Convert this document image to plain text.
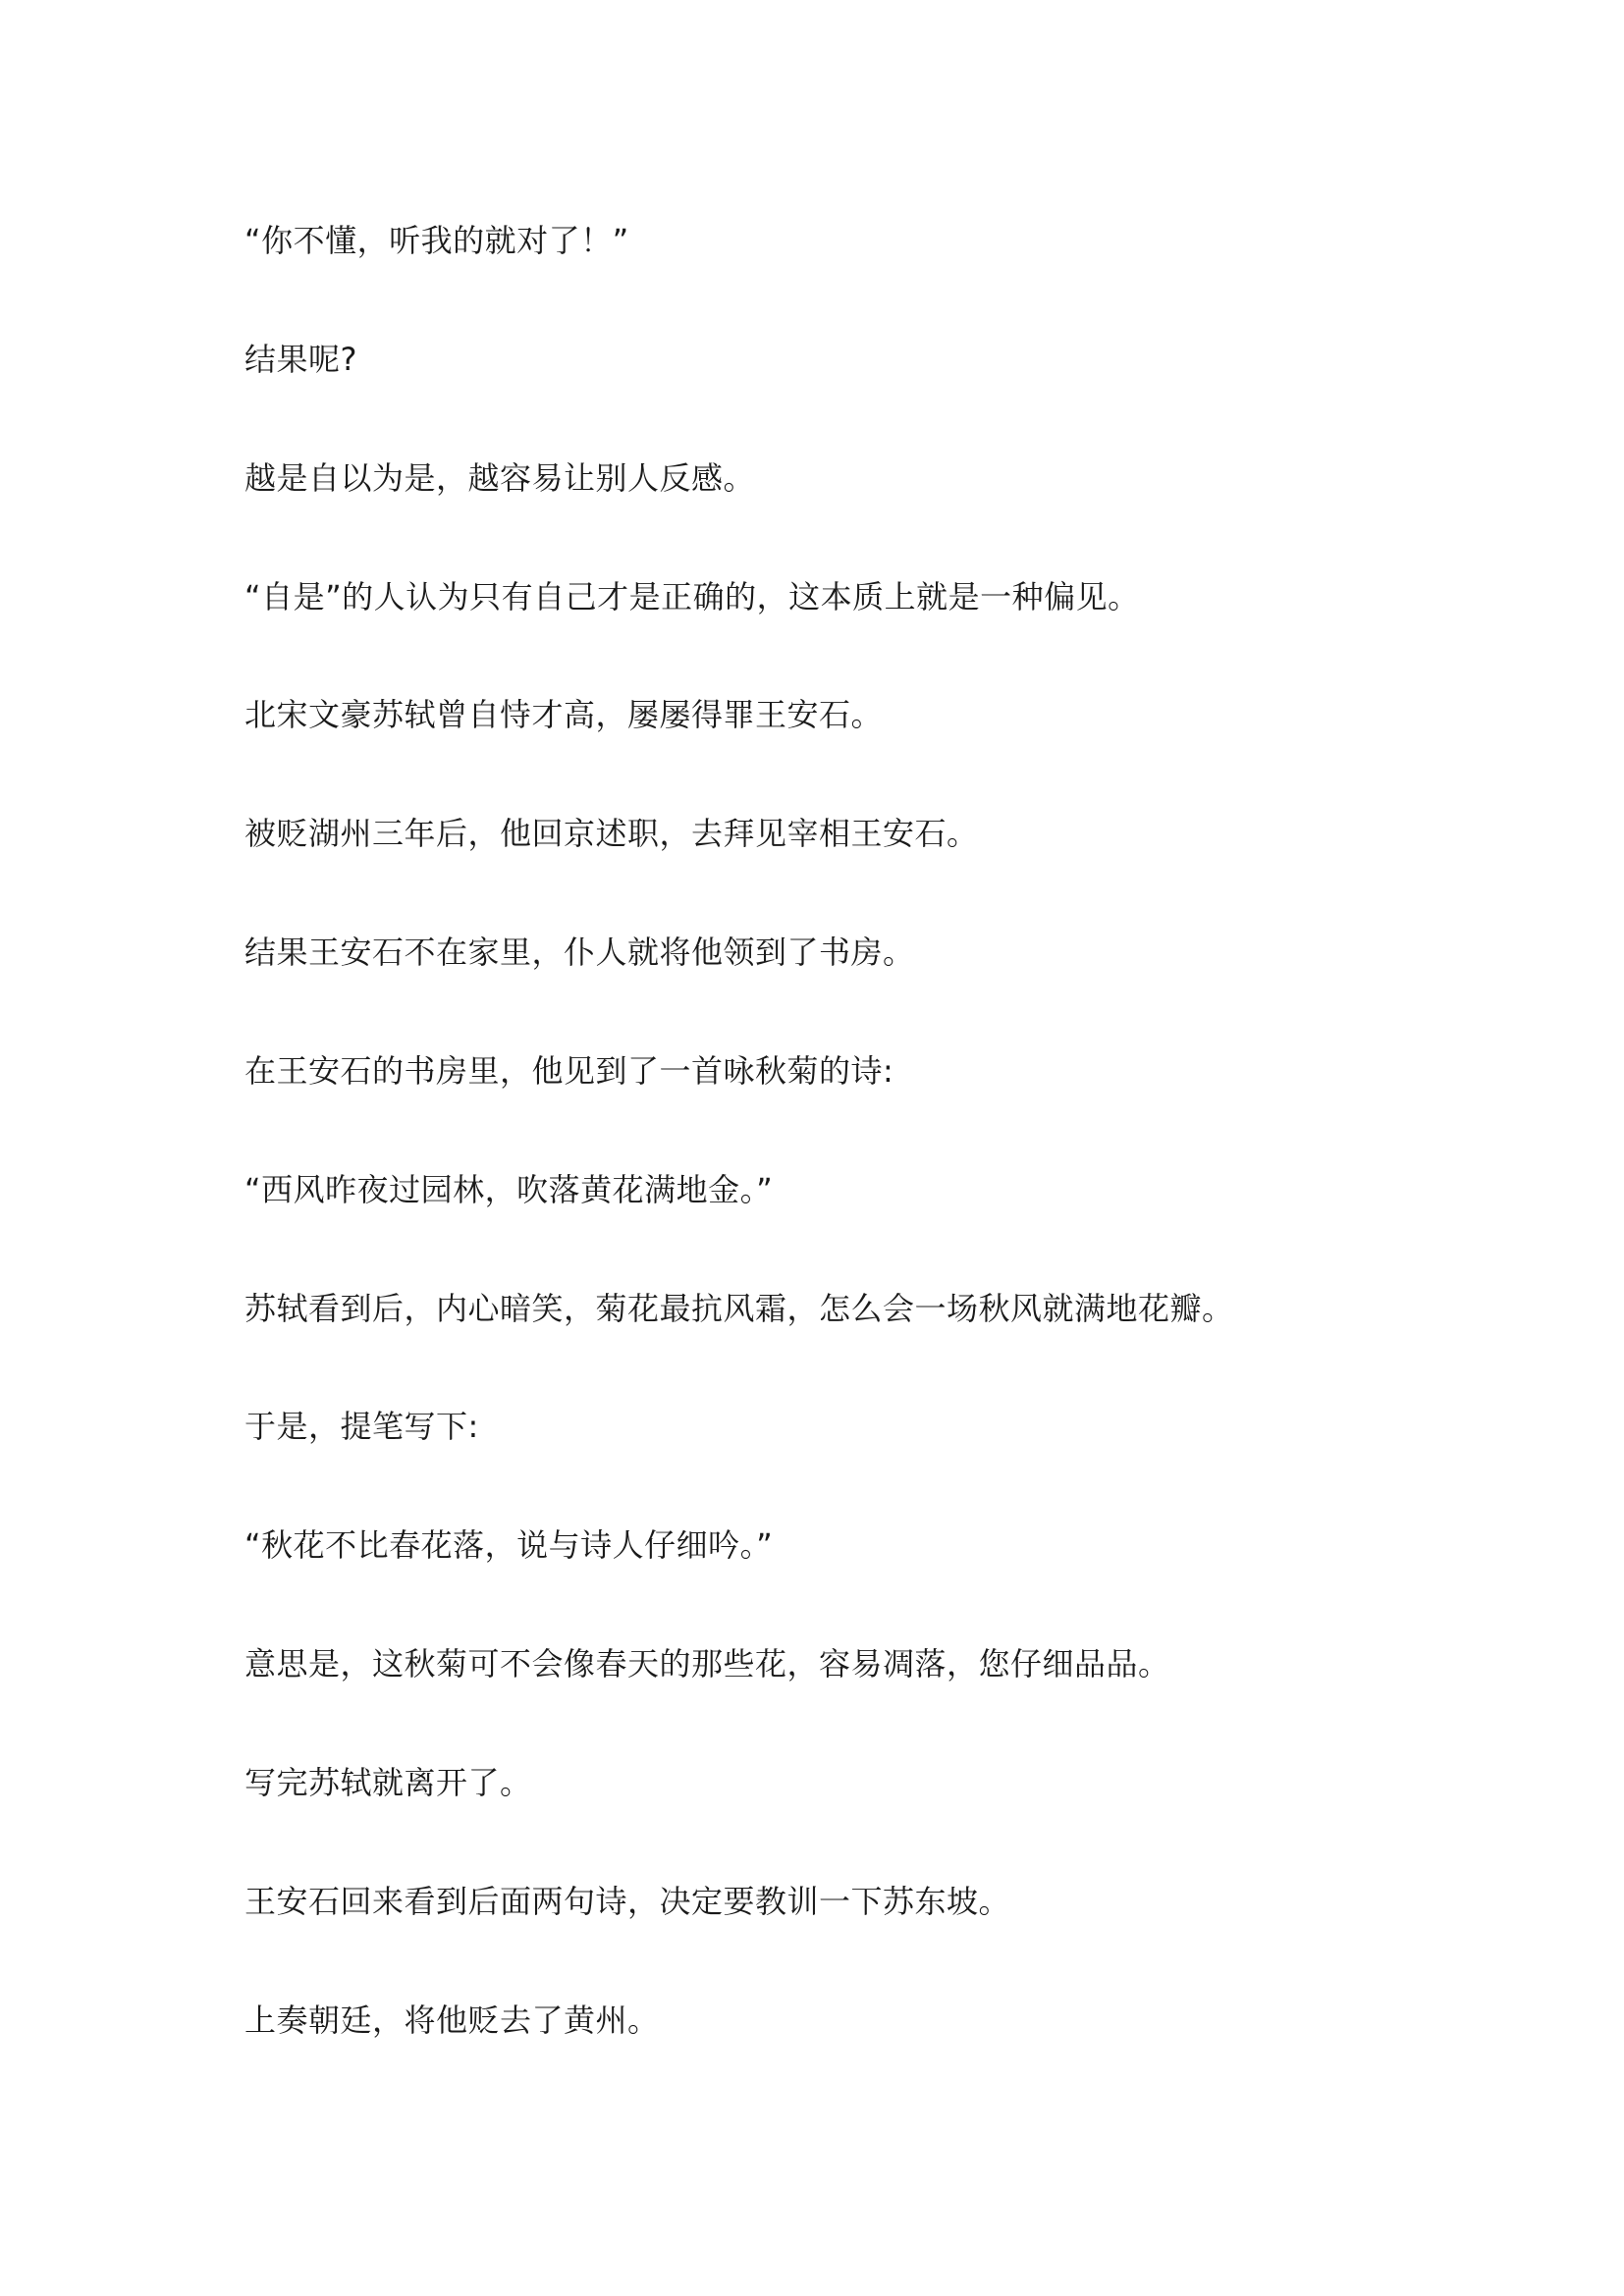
“你不懂，听我的就对了！”

结果呢?

越是自以为是，越容易让别人反感。

“自是”的人认为只有自己才是正确的，这本质上就是一种偏见。

北宋文豪苏轼曾自恃才高，屡屡得罪王安石。

被贬湖州三年后，他回京述职，去拜见宰相王安石。

结果王安石不在家里，仆人就将他领到了书房。

在王安石的书房里，他见到了一首咏秋菊的诗:

“西风昨夜过园林，吹落黄花满地金。”

苏轼看到后，内心暗笑，菊花最抗风霜，怎么会一场秋风就满地花瓣。

于是，提笔写下:

“秋花不比春花落，说与诗人仔细吟。”

意思是，这秋菊可不会像春天的那些花，容易凋落，您仔细品品。

写完苏轼就离开了。

王安石回来看到后面两句诗，决定要教训一下苏东坡。

上奏朝廷，将他贬去了黄州。
